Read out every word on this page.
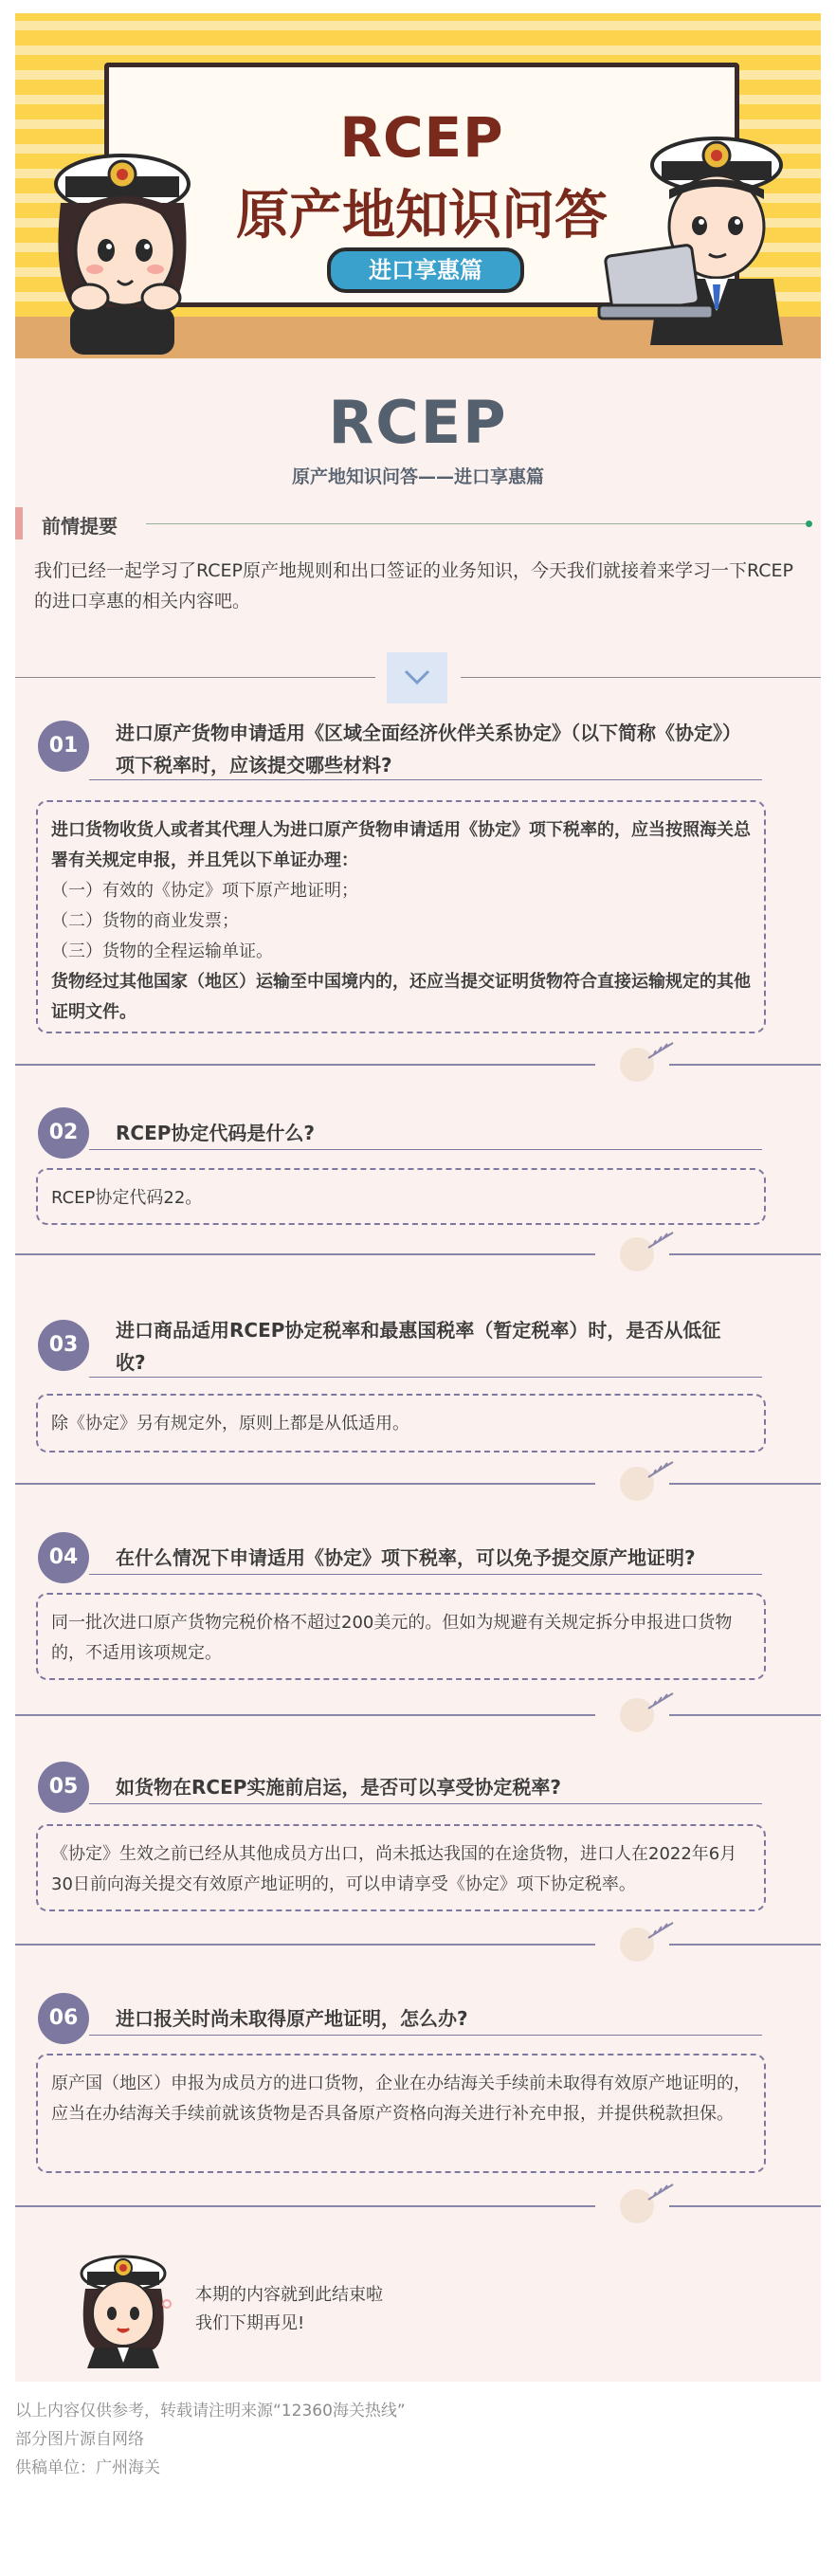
RCEP
原产地知识问答
进口享惠篇
RCEP
原产地知识问答——进口享惠篇
前情提要
我们已经一起学习了RCEP原产地规则和出口签证的业务知识，今天我们就接着来学习一下RCEP的进口享惠的相关内容吧。
01
进口原产货物申请适用《区域全面经济伙伴关系协定》（以下简称《协定》）项下税率时，应该提交哪些材料?
进口货物收货人或者其代理人为进口原产货物申请适用《协定》项下税率的，应当按照海关总署有关规定申报，并且凭以下单证办理：
（一）有效的《协定》项下原产地证明；
（二）货物的商业发票；
（三）货物的全程运输单证。
货物经过其他国家（地区）运输至中国境内的，还应当提交证明货物符合直接运输规定的其他证明文件。
02	RCEP协定代码是什么?
RCEP协定代码22。
03
进口商品适用RCEP协定税率和最惠国税率（暂定税率）时，是否从低征收?
除《协定》另有规定外，原则上都是从低适用。
04	在什么情况下申请适用《协定》项下税率，可以免予提交原产地证明?
同一批次进口原产货物完税价格不超过200美元的。但如为规避有关规定拆分申报进口货物的，不适用该项规定。
05	如货物在RCEP实施前启运，是否可以享受协定税率?
《协定》生效之前已经从其他成员方出口，尚未抵达我国的在途货物，进口人在2022年6月30日前向海关提交有效原产地证明的，可以申请享受《协定》项下协定税率。
06	进口报关时尚未取得原产地证明，怎么办?
原产国（地区）申报为成员方的进口货物，企业在办结海关手续前未取得有效原产地证明的，应当在办结海关手续前就该货物是否具备原产资格向海关进行补充申报，并提供税款担保。
本期的内容就到此结束啦
我们下期再见!
以上内容仅供参考，转载请注明来源“12360海关热线”
部分图片源自网络
供稿单位：广州海关
